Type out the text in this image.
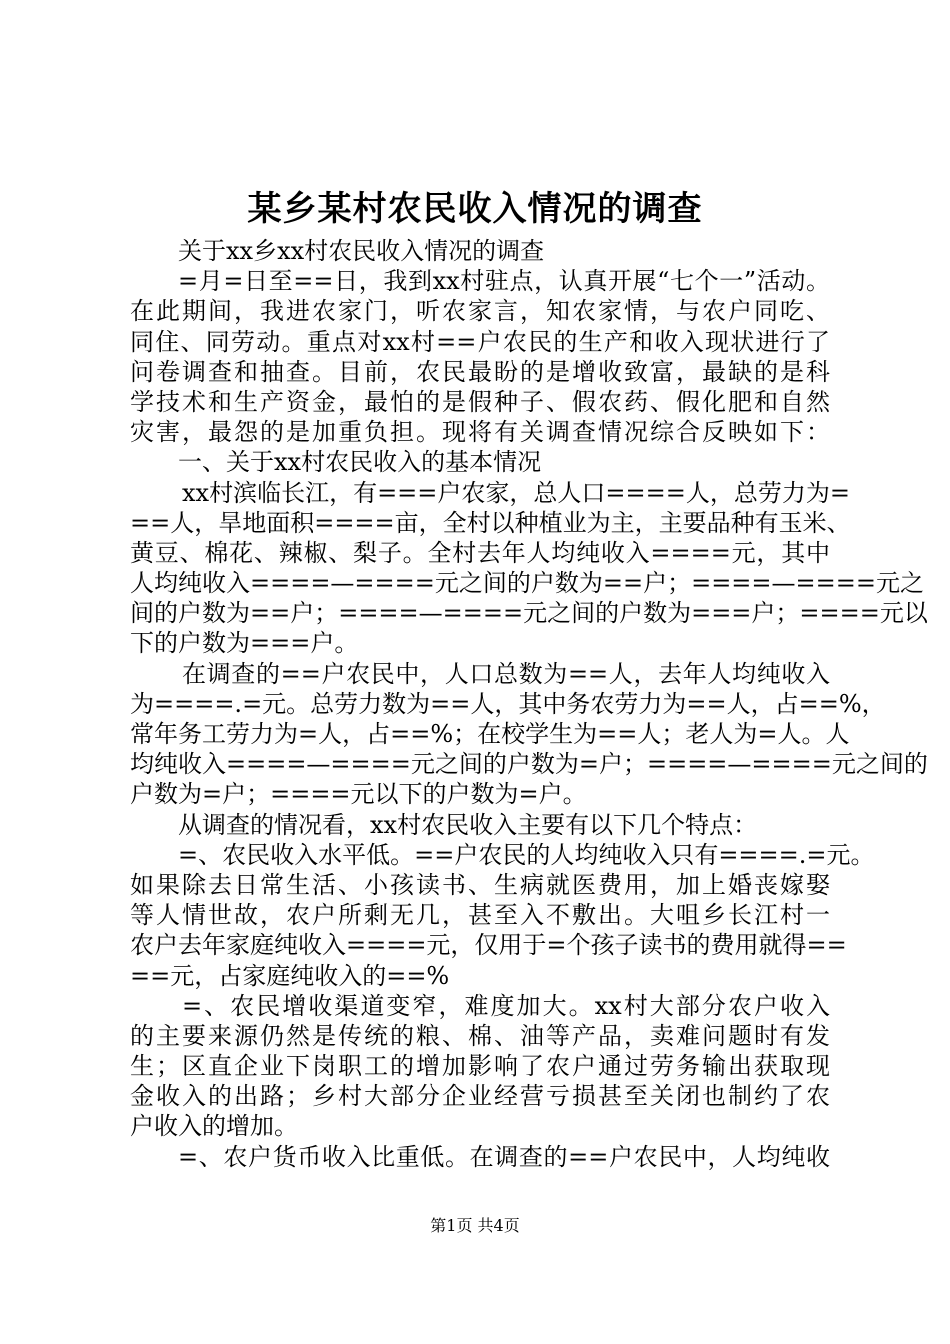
某乡某村农民收入情况的调查
关于xx乡xx村农民收入情况的调查
=月=日至==日，我到xx村驻点，认真开展“七个一”活动。
在此期间，我进农家门，听农家言，知农家情，与农户同吃、
同住、同劳动。重点对xx村==户农民的生产和收入现状进行了
问卷调查和抽查。目前，农民最盼的是增收致富，最缺的是科
学技术和生产资金，最怕的是假种子、假农药、假化肥和自然
灾害，最怨的是加重负担。现将有关调查情况综合反映如下：
一、关于xx村农民收入的基本情况
xx村滨临长江，有===户农家，总人口====人，总劳力为=
==人，旱地面积====亩，全村以种植业为主，主要品种有玉米、
黄豆、棉花、辣椒、梨子。全村去年人均纯收入====元，其中
人均纯收入====—====元之间的户数为==户；====—====元之
间的户数为==户；====—====元之间的户数为===户；====元以
下的户数为===户。
在调查的==户农民中，人口总数为==人，去年人均纯收入
为====.=元。总劳力数为==人，其中务农劳力为==人，占==%，
常年务工劳力为=人，占==%；在校学生为==人；老人为=人。人
均纯收入====—====元之间的户数为=户；====—====元之间的
户数为=户；====元以下的户数为=户。
从调查的情况看，xx村农民收入主要有以下几个特点：
=、农民收入水平低。==户农民的人均纯收入只有====.=元。
如果除去日常生活、小孩读书、生病就医费用，加上婚丧嫁娶
等人情世故，农户所剩无几，甚至入不敷出。大咀乡长江村一
农户去年家庭纯收入====元，仅用于=个孩子读书的费用就得==
==元，占家庭纯收入的==%
=、农民增收渠道变窄，难度加大。xx村大部分农户收入
的主要来源仍然是传统的粮、棉、油等产品，卖难问题时有发
生；区直企业下岗职工的增加影响了农户通过劳务输出获取现
金收入的出路；乡村大部分企业经营亏损甚至关闭也制约了农
户收入的增加。
=、农户货币收入比重低。在调查的==户农民中，人均纯收
第1页 共4页
